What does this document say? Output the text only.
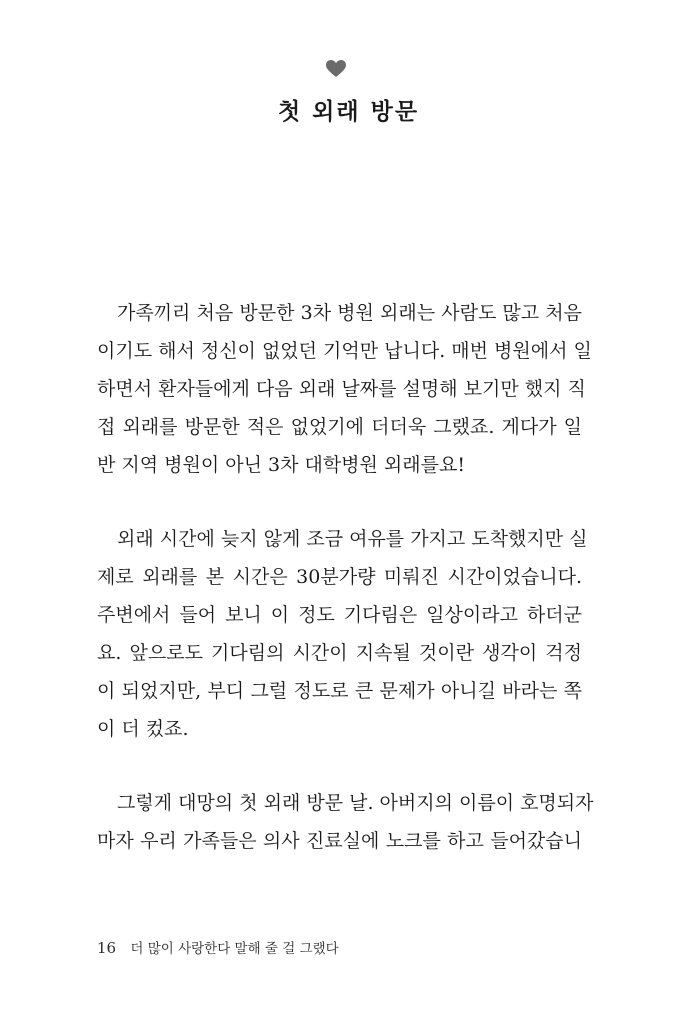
첫 외래 방문

가족끼리 처음 방문한 3차 병원 외래는 사람도 많고 처음
이기도 해서 정신이 없었던 기억만 납니다. 매번 병원에서 일
하면서 환자들에게 다음 외래 날짜를 설명해 보기만 했지 직
접 외래를 방문한 적은 없었기에 더더욱 그랬죠. 게다가 일
반 지역 병원이 아닌 3차 대학병원 외래를요!

외래 시간에 늦지 않게 조금 여유를 가지고 도착했지만 실
제로 외래를 본 시간은 30분가량 미뤄진 시간이었습니다.
주변에서 들어 보니 이 정도 기다림은 일상이라고 하더군
요. 앞으로도 기다림의 시간이 지속될 것이란 생각이 걱정
이 되었지만, 부디 그럴 정도로 큰 문제가 아니길 바라는 쪽
이 더 컸죠.

그렇게 대망의 첫 외래 방문 날. 아버지의 이름이 호명되자
마자 우리 가족들은 의사 진료실에 노크를 하고 들어갔습니

16 더 많이 사랑한다 말해 줄 걸 그랬다
